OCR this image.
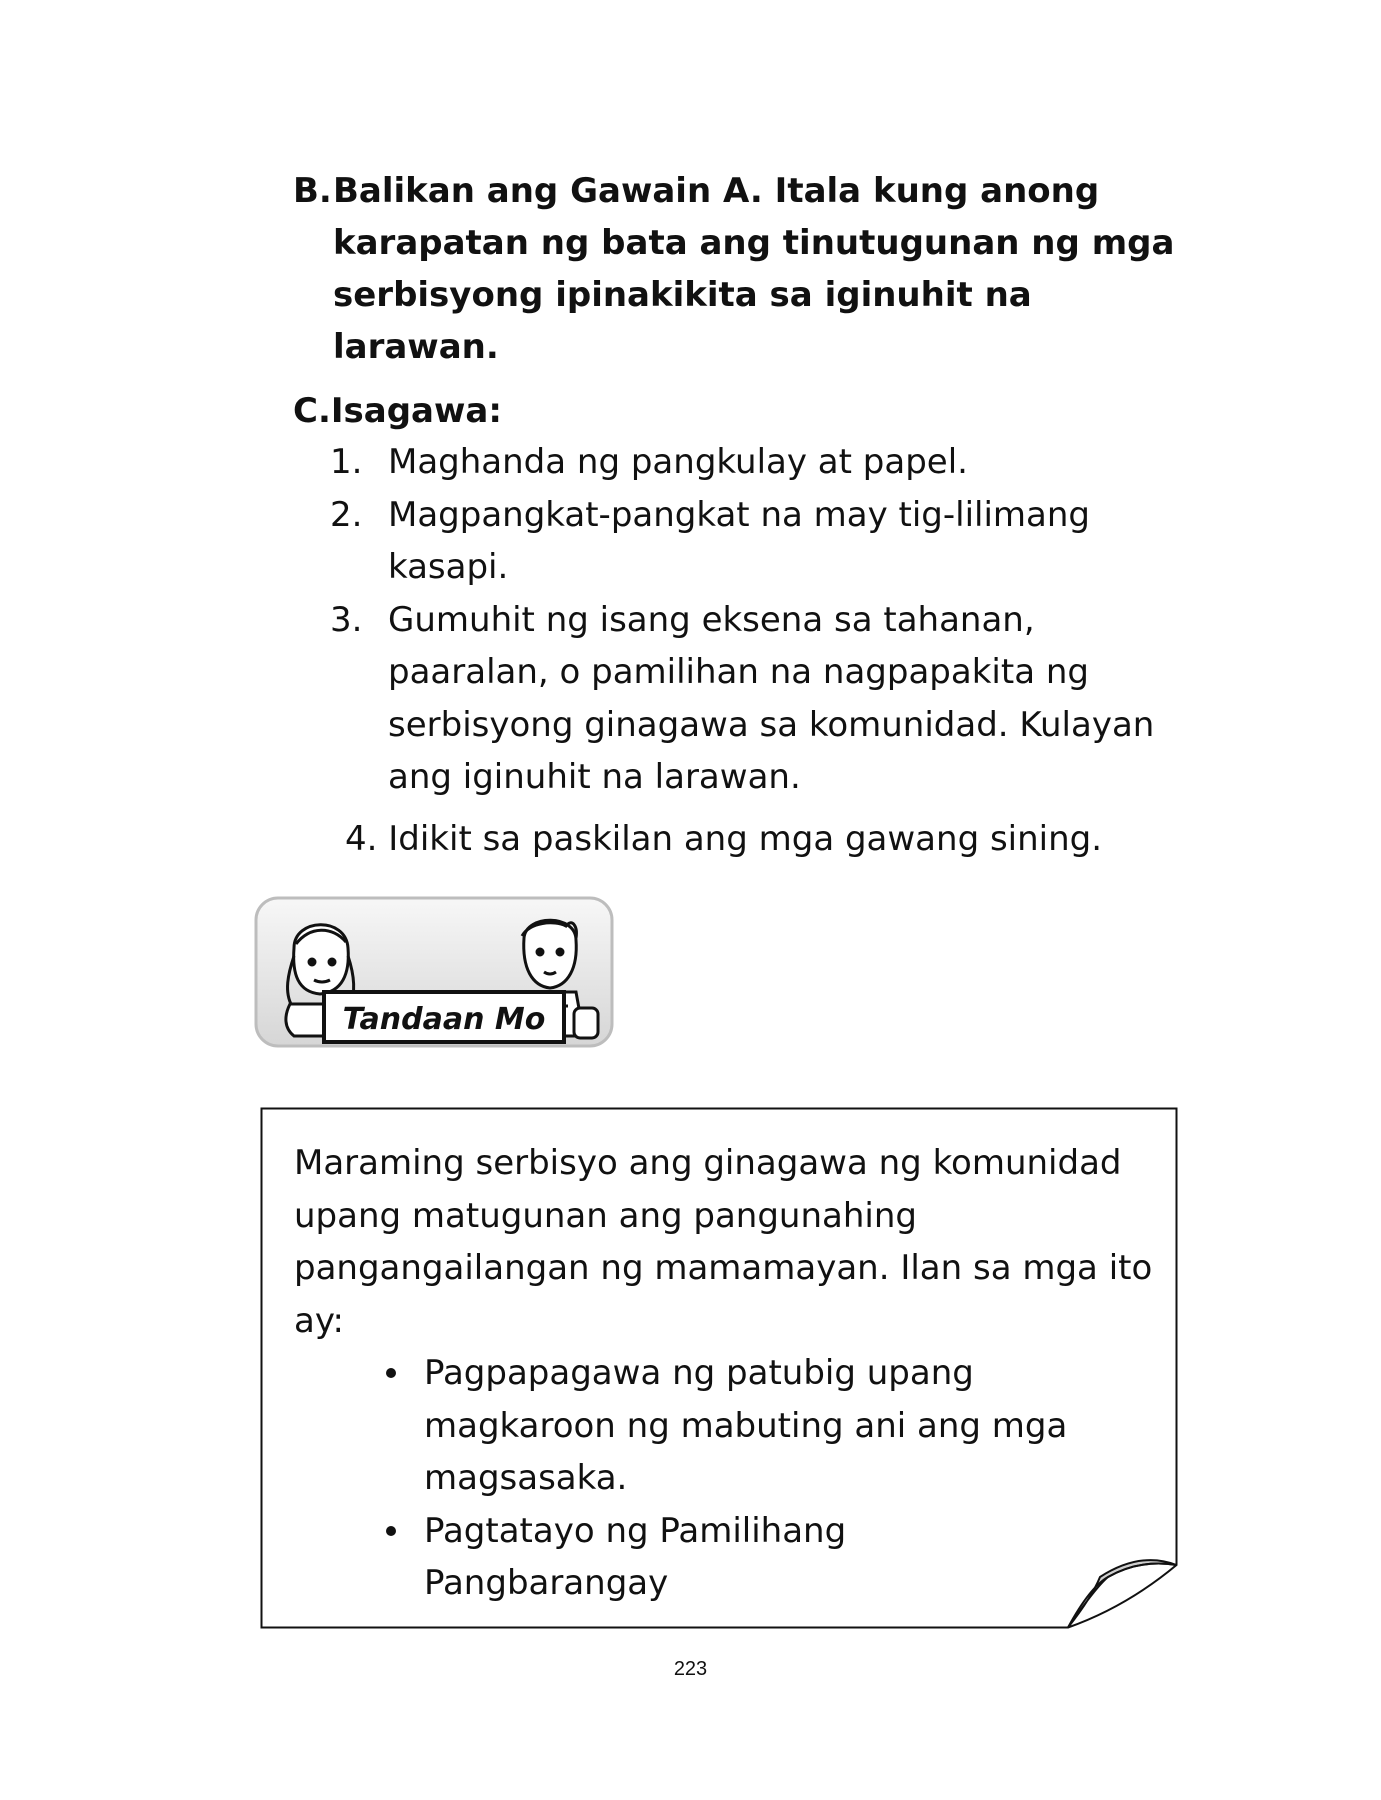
B. Balikan ang Gawain A. Itala kung anong
karapatan ng bata ang tinutugunan ng mga
serbisyong ipinakikita sa iginuhit na larawan.
C.Isagawa:
1. Maghanda ng pangkulay at papel.
2. Magpangkat-pangkat na may tig-lilimang kasapi.
3. Gumuhit ng isang eksena sa tahanan, paaralan, o pamilihan na nagpapakita ng serbisyong ginagawa sa komunidad. Kulayan ang iginuhit na larawan.
4. Idikit sa paskilan ang mga gawang sining.
Tandaan Mo
Maraming serbisyo ang ginagawa ng komunidad upang matugunan ang pangunahing pangangailangan ng mamamayan. Ilan sa mga ito ay:
Pagpapagawa ng patubig upang magkaroon ng mabuting ani ang mga magsasaka.
Pagtatayo ng Pamilihang Pangbarangay
223
